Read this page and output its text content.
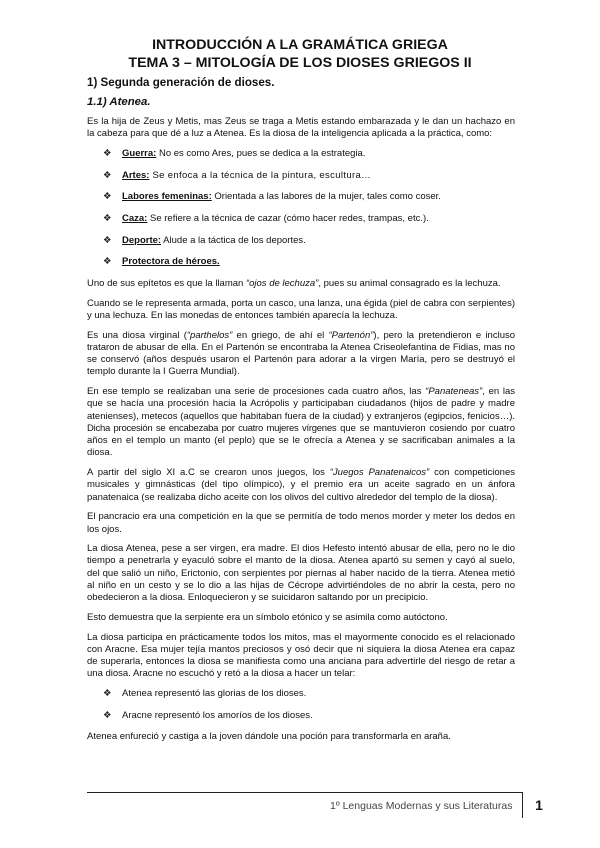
INTRODUCCIÓN A LA GRAMÁTICA GRIEGA
TEMA 3 – MITOLOGÍA DE LOS DIOSES GRIEGOS II
1) Segunda generación de dioses.
1.1) Atenea.

Es la hija de Zeus y Metis, mas Zeus se traga a Metis estando embarazada y le dan un hachazo en la cabeza para que dé a luz a Atenea. Es la diosa de la inteligencia aplicada a la práctica, como:

❖ Guerra: No es como Ares, pues se dedica a la estrategia.
❖ Artes: Se enfoca a la técnica de la pintura, escultura…
❖ Labores femeninas: Orientada a las labores de la mujer, tales como coser.
❖ Caza: Se refiere a la técnica de cazar (cómo hacer redes, trampas, etc.).
❖ Deporte: Alude a la táctica de los deportes.
❖ Protectora de héroes.

Uno de sus epítetos es que la llaman “ojos de lechuza”, pues su animal consagrado es la lechuza.

Cuando se le representa armada, porta un casco, una lanza, una égida (piel de cabra con serpientes) y una lechuza. En las monedas de entonces también aparecía la lechuza.

Es una diosa virginal (“parthelos” en griego, de ahí el “Partenón”), pero la pretendieron e incluso trataron de abusar de ella. En el Partenón se encontraba la Atenea Criseolefantina de Fidias, mas no se conservó (años después usaron el Partenón para adorar a la virgen María, pero se destruyó el templo durante la I Guerra Mundial).

En ese templo se realizaban una serie de procesiones cada cuatro años, las “Panateneas”, en las que se hacía una procesión hacia la Acrópolis y participaban ciudadanos (hijos de padre y madre atenienses), metecos (aquellos que habitaban fuera de la ciudad) y extranjeros (egipcios, fenicios…). Dicha procesión se encabezaba por cuatro mujeres vírgenes que se mantuvieron cosiendo por cuatro años en el templo un manto (el peplo) que se le ofrecía a Atenea y se sacrificaban animales a la diosa.

A partir del siglo XI a.C se crearon unos juegos, los “Juegos Panatenaicos” con competiciones musicales y gimnásticas (del tipo olímpico), y el premio era un aceite sagrado en un ánfora panatenaica (se realizaba dicho aceite con los olivos del cultivo alrededor del templo de la diosa).

El pancracio era una competición en la que se permitía de todo menos morder y meter los dedos en los ojos.

La diosa Atenea, pese a ser virgen, era madre. El dios Hefesto intentó abusar de ella, pero no le dio tiempo a penetrarla y eyaculó sobre el manto de la diosa. Atenea apartó su semen y cayó al suelo, del que salió un niño, Erictonio, con serpientes por piernas al haber nacido de la tierra. Atenea metió al niño en un cesto y se lo dio a las hijas de Cécrope advirtiéndoles de no abrir la cesta, pero no obedecieron a la diosa. Enloquecieron y se suicidaron saltando por un precipicio.

Esto demuestra que la serpiente era un símbolo etónico y se asimila como autóctono.

La diosa participa en prácticamente todos los mitos, mas el mayormente conocido es el relacionado con Aracne. Esa mujer tejía mantos preciosos y osó decir que ni siquiera la diosa Atenea era capaz de superarla, entonces la diosa se manifiesta como una anciana para advertirle del riesgo de retar a una diosa. Aracne no escuchó y retó a la diosa a hacer un telar:

❖ Atenea representó las glorias de los dioses.
❖ Aracne representó los amoríos de los dioses.

Atenea enfureció y castiga a la joven dándole una poción para transformarla en araña.

1º Lenguas Modernas y sus Literaturas	1
